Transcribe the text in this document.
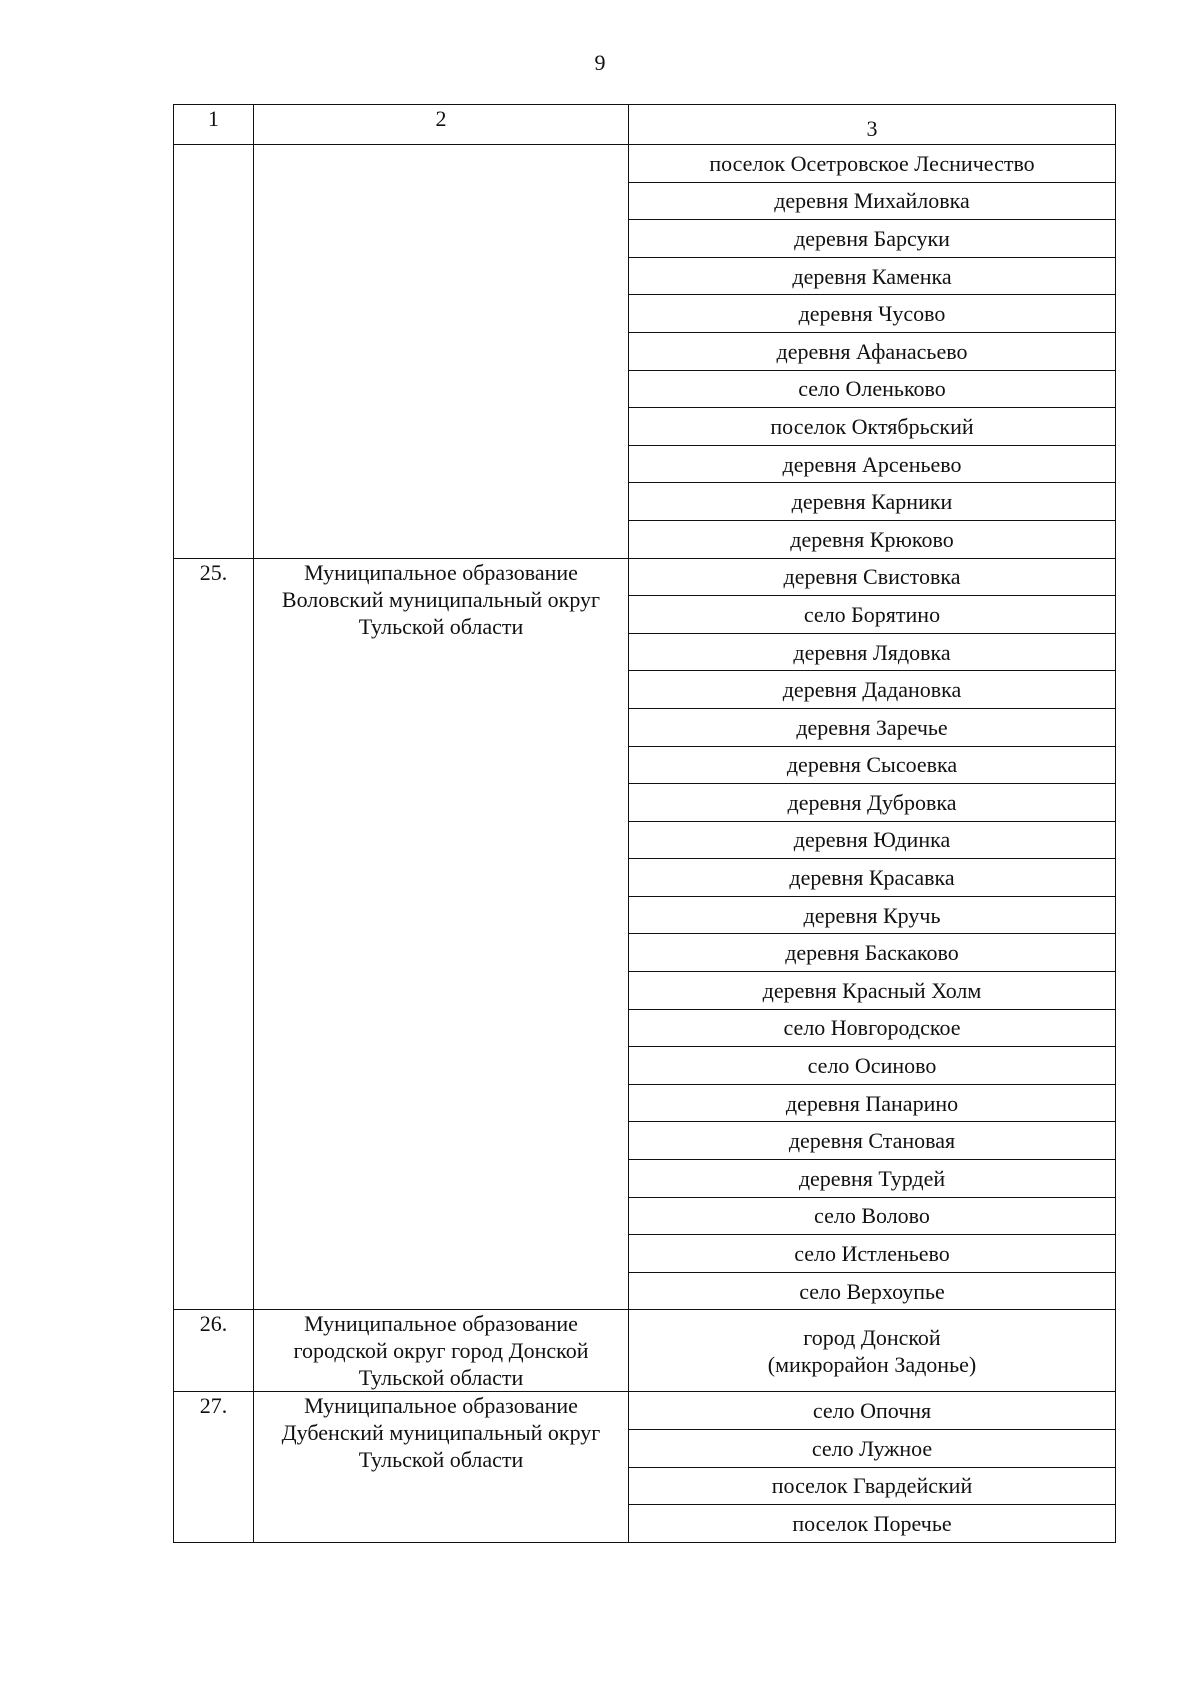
9
1	2	3
		поселок Осетровское Лесничество
		деревня Михайловка
		деревня Барсуки
		деревня Каменка
		деревня Чусово
		деревня Афанасьево
		село Оленьково
		поселок Октябрьский
		деревня Арсеньево
		деревня Карники
		деревня Крюково
25.	Муниципальное образование
Воловский муниципальный округ
Тульской области	деревня Свистовка
		село Борятино
		деревня Лядовка
		деревня Дадановка
		деревня Заречье
		деревня Сысоевка
		деревня Дубровка
		деревня Юдинка
		деревня Красавка
		деревня Кручь
		деревня Баскаково
		деревня Красный Холм
		село Новгородское
		село Осиново
		деревня Панарино
		деревня Становая
		деревня Турдей
		село Волово
		село Истленьево
		село Верхоупье
26.	Муниципальное образование
городской округ город Донской
Тульской области	город Донской
(микрорайон Задонье)

27.	Муниципальное образование
Дубенский муниципальный округ
Тульской области	село Опочня
		село Лужное
		поселок Гвардейский
		поселок Поречье
